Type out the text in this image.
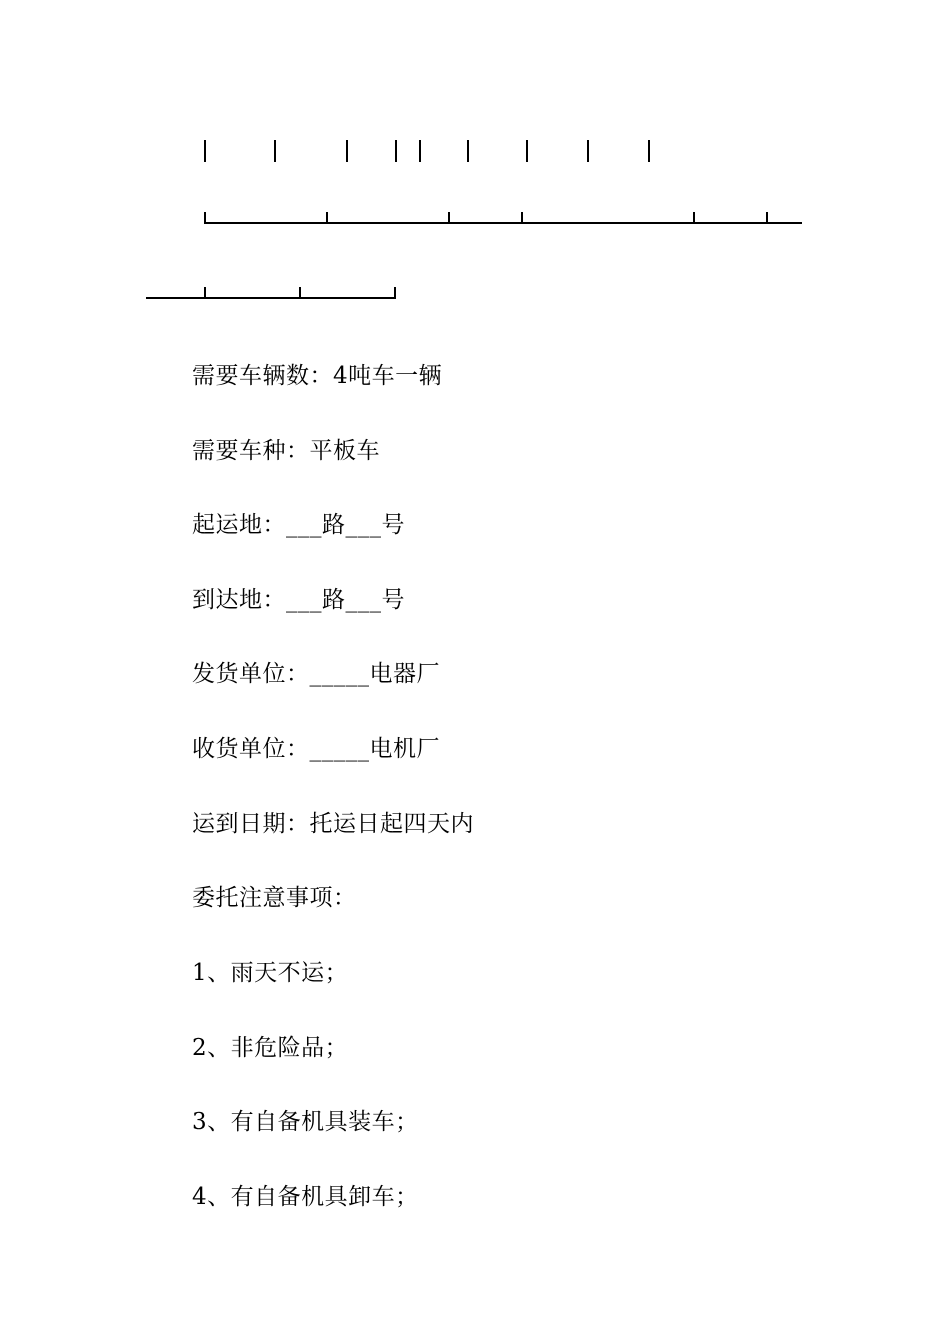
需要车辆数：4吨车一辆
需要车种：平板车
起运地：___路___号
到达地：___路___号
发货单位：_____电器厂
收货单位：_____电机厂
运到日期：托运日起四天内
委托注意事项：
1、雨天不运；
2、非危险品；
3、有自备机具装车；
4、有自备机具卸车；
